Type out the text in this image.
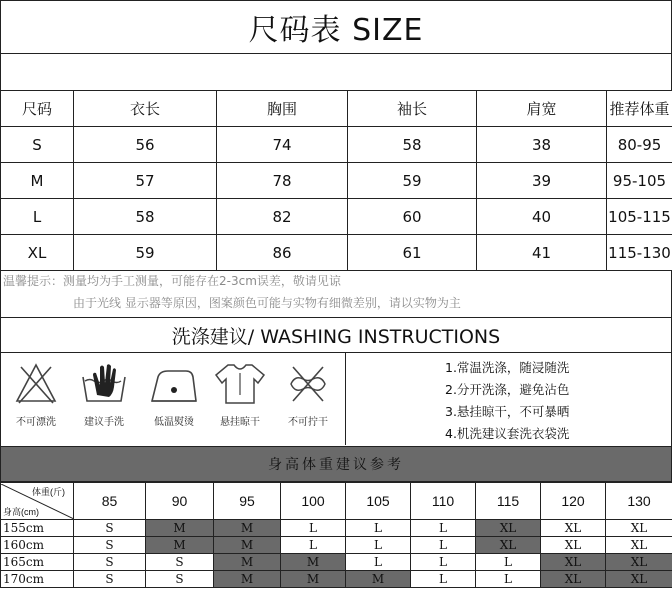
尺码表 SIZE
尺码	衣长	胸围	袖长	肩宽	推荐体重
S	56	74	58	38	80-95
M	57	78	59	39	95-105
L	58	82	60	40	105-115
XL	59	86	61	41	115-130
温馨提示：测量均为手工测量，可能存在2-3cm误差，敬请见谅
由于光线 显示器等原因，图案颜色可能与实物有细微差别，请以实物为主
洗涤建议/ WASHING INSTRUCTIONS
不可漂洗	建议手洗	低温熨烫	悬挂晾干	不可拧干
1.常温洗涤，随浸随洗
2.分开洗涤，避免沾色
3.悬挂晾干，不可暴晒
4.机洗建议套洗衣袋洗
身高体重建议参考
体重(斤)
身高(cm)	85	90	95	100	105	110	115	120	130
155cm	S	M	M	L	L	L	XL	XL	XL
160cm	S	M	M	L	L	L	XL	XL	XL
165cm	S	S	M	M	L	L	L	XL	XL
170cm	S	S	M	M	M	L	L	XL	XL
